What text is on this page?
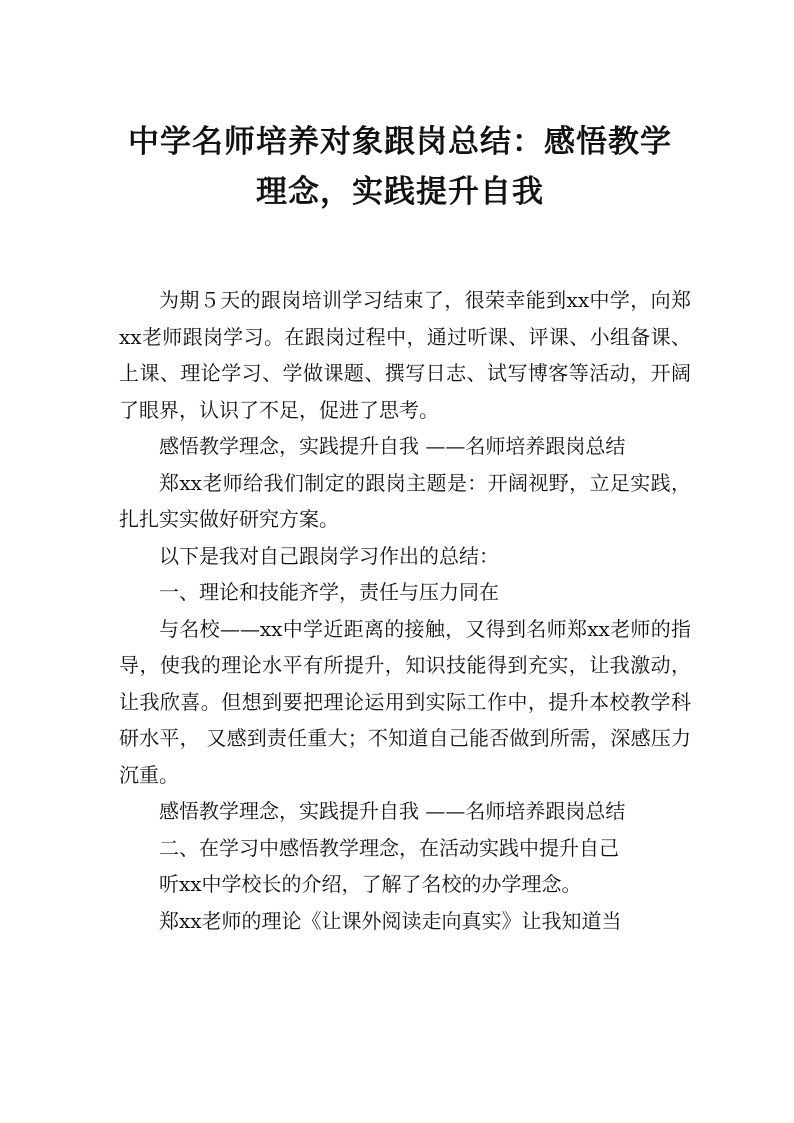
中学名师培养对象跟岗总结：感悟教学
理念，实践提升自我

为期５天的跟岗培训学习结束了，很荣幸能到xx中学，向郑xx老师跟岗学习。在跟岗过程中，通过听课、评课、小组备课、上课、理论学习、学做课题、撰写日志、试写博客等活动，开阔了眼界，认识了不足，促进了思考。

感悟教学理念，实践提升自我 ——名师培养跟岗总结

郑xx老师给我们制定的跟岗主题是：开阔视野，立足实践，扎扎实实做好研究方案。

以下是我对自己跟岗学习作出的总结：

一、理论和技能齐学，责任与压力同在

与名校——xx中学近距离的接触，又得到名师郑xx老师的指导，使我的理论水平有所提升，知识技能得到充实，让我激动，让我欣喜。但想到要把理论运用到实际工作中，提升本校教学科研水平， 又感到责任重大；不知道自己能否做到所需，深感压力沉重。

感悟教学理念，实践提升自我 ——名师培养跟岗总结

二、在学习中感悟教学理念，在活动实践中提升自己

听xx中学校长的介绍，了解了名校的办学理念。

郑xx老师的理论《让课外阅读走向真实》让我知道当
